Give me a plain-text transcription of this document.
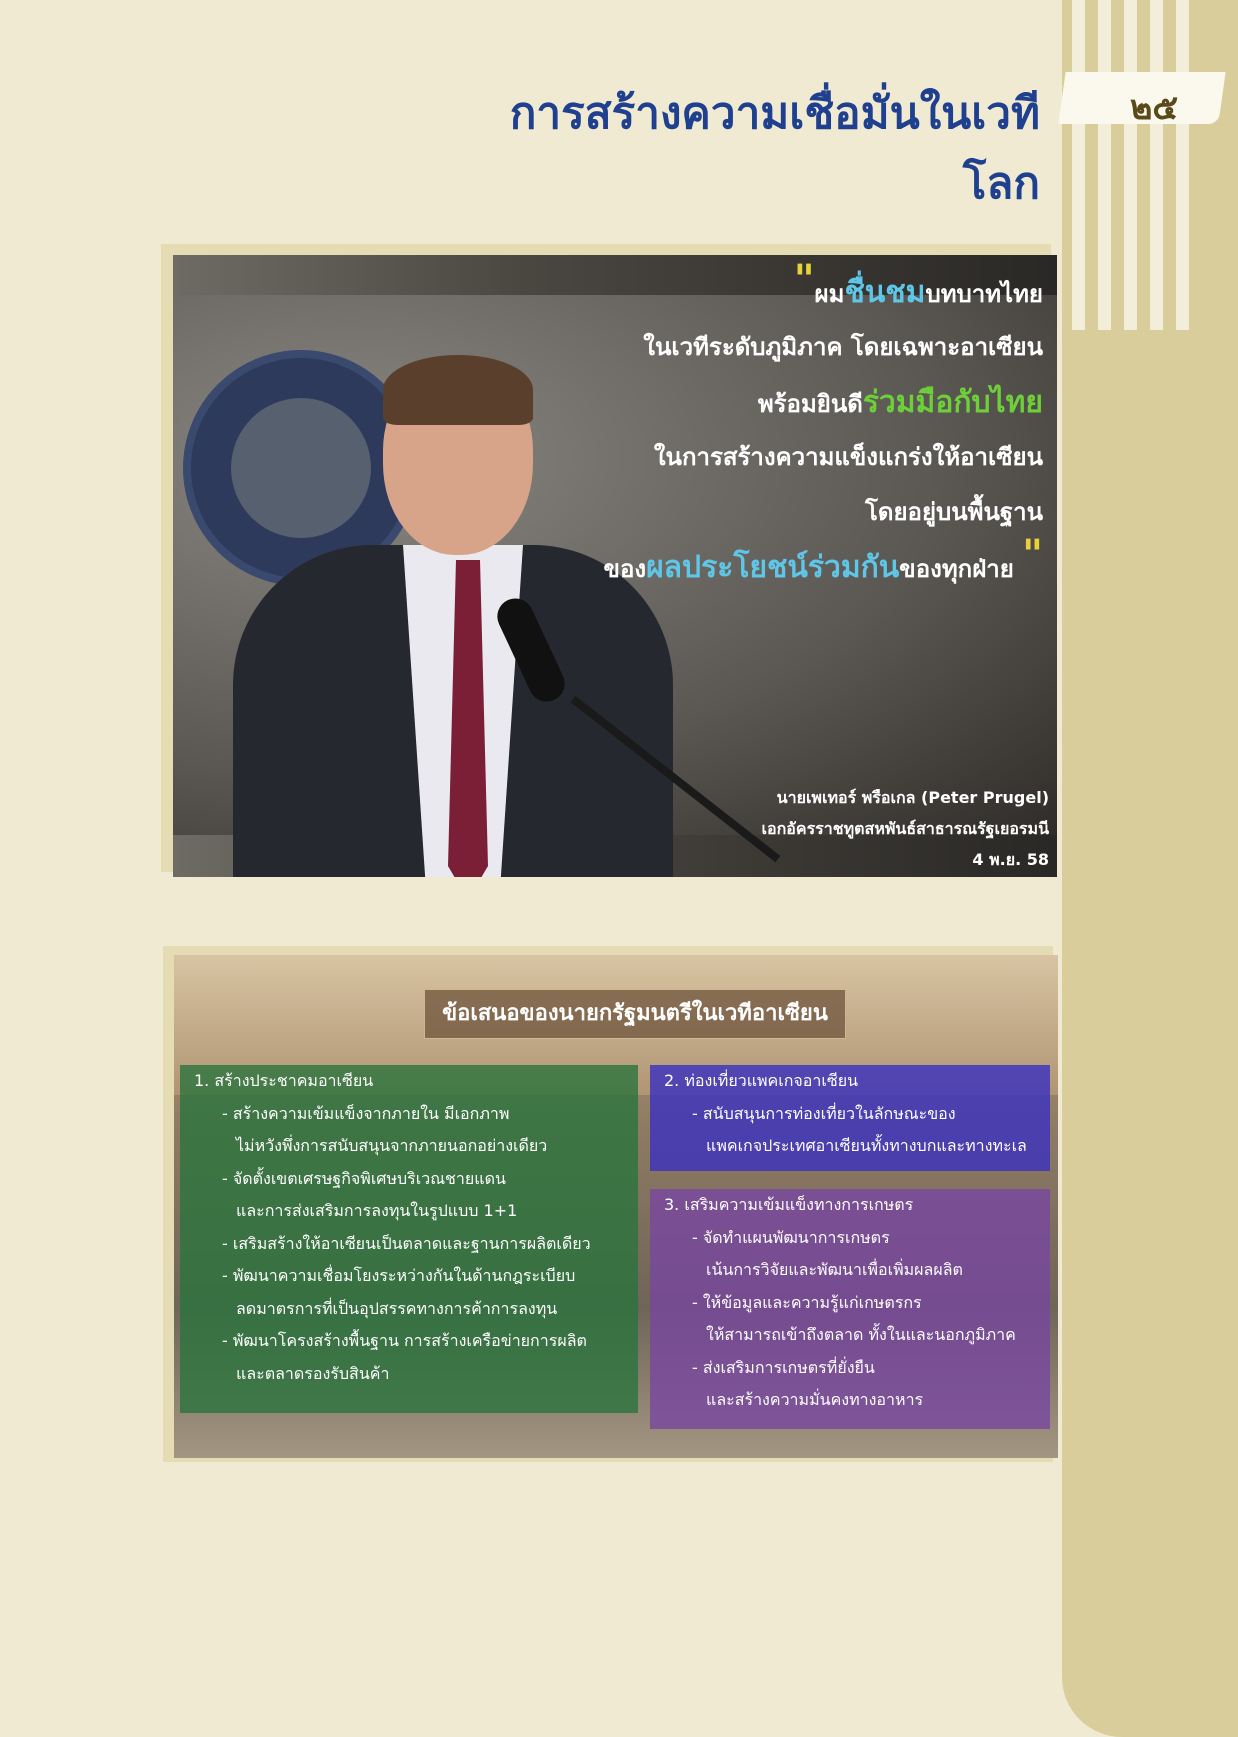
การสร้างความเชื่อมั่นในเวทีโลก
๒๕
"ผมชื่นชมบทบาทไทย
ในเวทีระดับภูมิภาค โดยเฉพาะอาเซียน
พร้อมยินดีร่วมมือกับไทย
ในการสร้างความแข็งแกร่งให้อาเซียน
โดยอยู่บนพื้นฐาน
ของผลประโยชน์ร่วมกันของทุกฝ่าย "
นายเพเทอร์ พรือเกล (Peter Prugel)
เอกอัครราชทูตสหพันธ์สาธารณรัฐเยอรมนี
4 พ.ย. 58
ข้อเสนอของนายกรัฐมนตรีในเวทีอาเซียน
1. สร้างประชาคมอาเซียน
- สร้างความเข้มแข็งจากภายใน มีเอกภาพ
ไม่หวังพึ่งการสนับสนุนจากภายนอกอย่างเดียว
- จัดตั้งเขตเศรษฐกิจพิเศษบริเวณชายแดน
และการส่งเสริมการลงทุนในรูปแบบ 1+1
- เสริมสร้างให้อาเซียนเป็นตลาดและฐานการผลิตเดียว
- พัฒนาความเชื่อมโยงระหว่างกันในด้านกฎระเบียบ
ลดมาตรการที่เป็นอุปสรรคทางการค้าการลงทุน
- พัฒนาโครงสร้างพื้นฐาน การสร้างเครือข่ายการผลิต
และตลาดรองรับสินค้า
2. ท่องเที่ยวแพคเกจอาเซียน
- สนับสนุนการท่องเที่ยวในลักษณะของ
แพคเกจประเทศอาเซียนทั้งทางบกและทางทะเล
3. เสริมความเข้มแข็งทางการเกษตร
- จัดทำแผนพัฒนาการเกษตร
เน้นการวิจัยและพัฒนาเพื่อเพิ่มผลผลิต
- ให้ข้อมูลและความรู้แก่เกษตรกร
ให้สามารถเข้าถึงตลาด ทั้งในและนอกภูมิภาค
- ส่งเสริมการเกษตรที่ยั่งยืน
และสร้างความมั่นคงทางอาหาร
